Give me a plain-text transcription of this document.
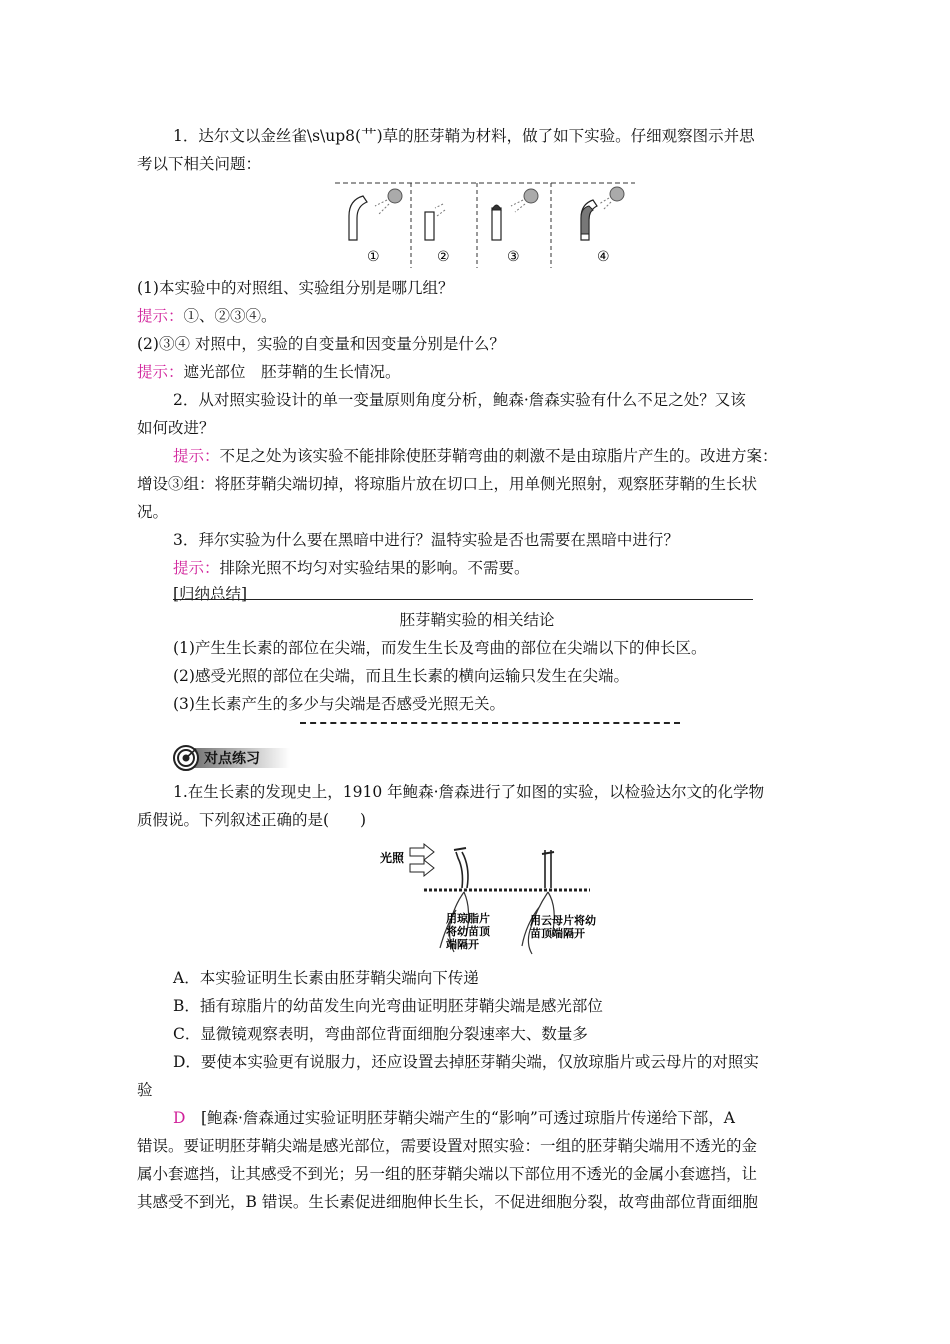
1．达尔文以金丝雀\s\up8(艹)草的胚芽鞘为材料，做了如下实验。仔细观察图示并思

考以下相关问题：

①	②	③	④

(1)本实验中的对照组、实验组分别是哪几组？

提示：①、②③④。

(2)③④ 对照中，实验的自变量和因变量分别是什么？

提示：遮光部位　胚芽鞘的生长情况。

2．从对照实验设计的单一变量原则角度分析，鲍森·詹森实验有什么不足之处？又该

如何改进？

提示：不足之处为该实验不能排除使胚芽鞘弯曲的刺激不是由琼脂片产生的。改进方案：

增设③组：将胚芽鞘尖端切掉，将琼脂片放在切口上，用单侧光照射，观察胚芽鞘的生长状

况。

3．拜尔实验为什么要在黑暗中进行？温特实验是否也需要在黑暗中进行？

提示：排除光照不均匀对实验结果的影响。不需要。

[归纳总结]

胚芽鞘实验的相关结论

(1)产生生长素的部位在尖端，而发生生长及弯曲的部位在尖端以下的伸长区。

(2)感受光照的部位在尖端，而且生长素的横向运输只发生在尖端。

(3)生长素产生的多少与尖端是否感受光照无关。

对点练习

1.在生长素的发现史上，1910 年鲍森·詹森进行了如图的实验，以检验达尔文的化学物

质假说。下列叙述正确的是(　　)

光照
用琼脂片
将幼苗顶
端隔开
用云母片将幼
苗顶端隔开

A．本实验证明生长素由胚芽鞘尖端向下传递

B．插有琼脂片的幼苗发生向光弯曲证明胚芽鞘尖端是感光部位

C．显微镜观察表明，弯曲部位背面细胞分裂速率大、数量多

D．要使本实验更有说服力，还应设置去掉胚芽鞘尖端，仅放琼脂片或云母片的对照实

验

D　 [鲍森·詹森通过实验证明胚芽鞘尖端产生的“影响”可透过琼脂片传递给下部，A

错误。要证明胚芽鞘尖端是感光部位，需要设置对照实验：一组的胚芽鞘尖端用不透光的金

属小套遮挡，让其感受不到光；另一组的胚芽鞘尖端以下部位用不透光的金属小套遮挡，让

其感受不到光，B 错误。生长素促进细胞伸长生长，不促进细胞分裂，故弯曲部位背面细胞
